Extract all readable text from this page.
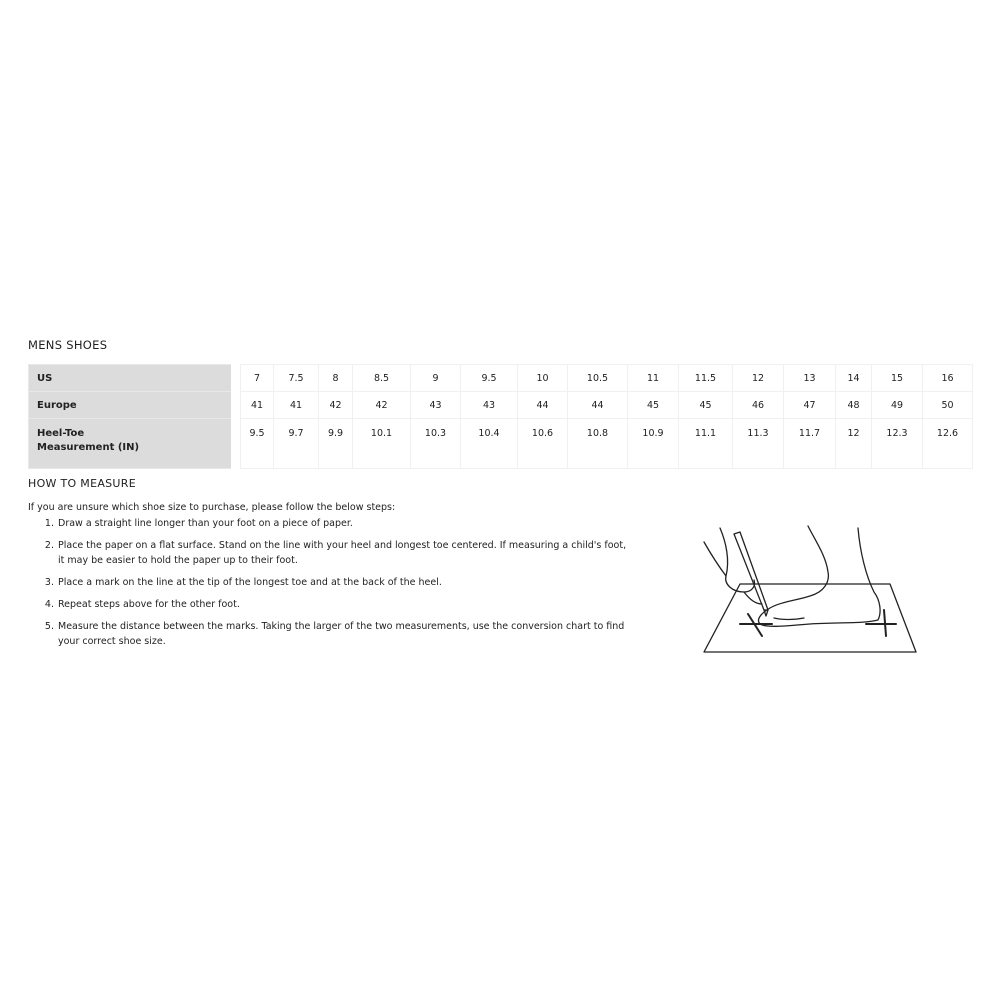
MENS SHOES
US		7	7.5	8	8.5	9	9.5	10	10.5	11	11.5	12	13	14	15	16
Europe		41	41	42	42	43	43	44	44	45	45	46	47	48	49	50
Heel-Toe
Measurement (IN)		9.5	9.7	9.9	10.1	10.3	10.4	10.6	10.8	10.9	11.1	11.3	11.7	12	12.3	12.6
HOW TO MEASURE
If you are unsure which shoe size to purchase, please follow the below steps:
1. Draw a straight line longer than your foot on a piece of paper.
2. Place the paper on a flat surface. Stand on the line with your heel and longest toe centered. If measuring a child's foot, it may be easier to hold the paper up to their foot.
3. Place a mark on the line at the tip of the longest toe and at the back of the heel.
4. Repeat steps above for the other foot.
5. Measure the distance between the marks. Taking the larger of the two measurements, use the conversion chart to find your correct shoe size.
